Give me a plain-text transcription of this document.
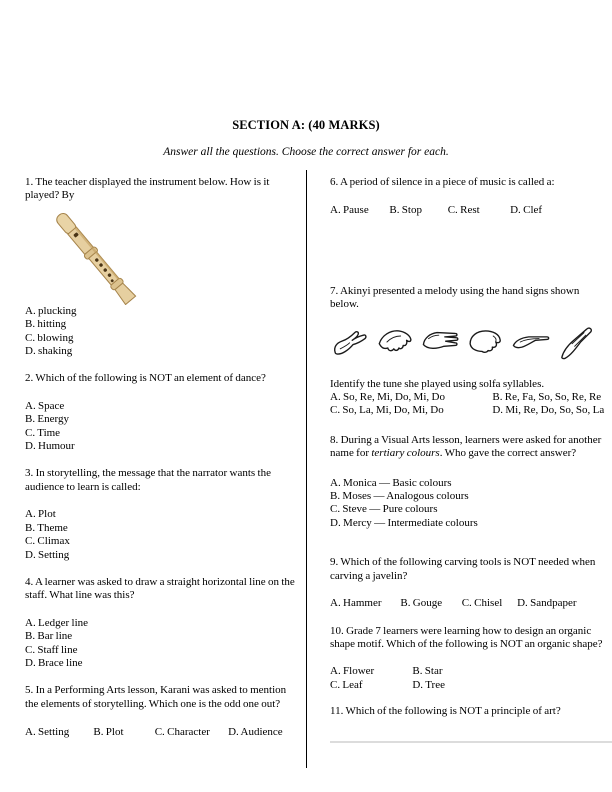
SECTION A: (40 MARKS)
Answer all the questions. Choose the correct answer for each.

1. The teacher displayed the instrument below. How is it played? By

A. plucking
B. hitting
C. blowing
D. shaking

2. Which of the following is NOT an element of dance?

A. Space
B. Energy
C. Time
D. Humour

3. In storytelling, the message that the narrator wants the audience to learn is called:

A. Plot
B. Theme
C. Climax
D. Setting

4. A learner was asked to draw a straight horizontal line on the staff. What line was this?

A. Ledger line
B. Bar line
C. Staff line
D. Brace line

5. In a Performing Arts lesson, Karani was asked to mention the elements of storytelling. Which one is the odd one out?

A. Setting B. Plot	C. Character D. Audience

6. A period of silence in a piece of music is called a:

A. Pause B. Stop C. Rest	D. Clef

7. Akinyi presented a melody using the hand signs shown below.

Identify the tune she played using solfa syllables.

A. So, Re, Mi, Do, Mi, Do	B. Re, Fa, So, So, Re, Re
C. So, La, Mi, Do, Mi, Do	D. Mi, Re, Do, So, So, La

8. During a Visual Arts lesson, learners were asked for another name for tertiary colours. Who gave the correct answer?

A. Monica — Basic colours
B. Moses — Analogous colours
C. Steve — Pure colours
D. Mercy — Intermediate colours

9. Which of the following carving tools is NOT needed when carving a javelin?

A. Hammer B. Gouge C. Chisel D. Sandpaper

10. Grade 7 learners were learning how to design an organic shape motif. Which of the following is NOT an organic shape?

A. Flower	B. Star
C. Leaf	D. Tree

11. Which of the following is NOT a principle of art?
